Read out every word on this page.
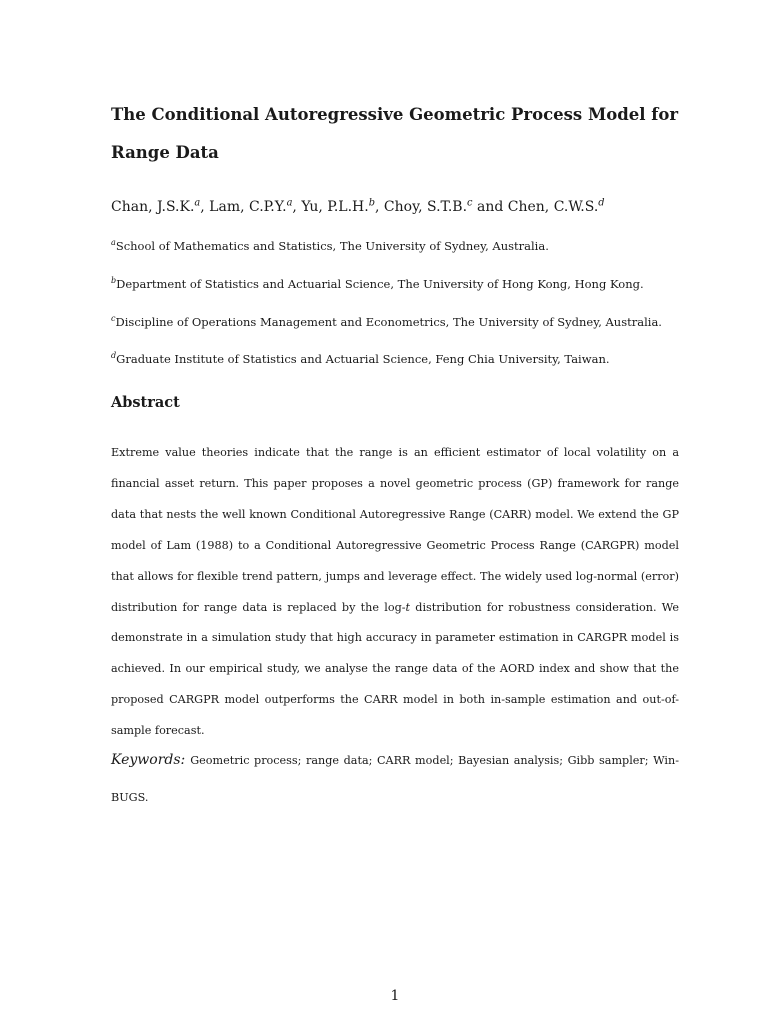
The Conditional Autoregressive Geometric Process Model for Range Data

Chan, J.S.K.$^a$, Lam, C.P.Y.$^a$, Yu, P.L.H.$^b$, Choy, S.T.B.$^c$ and Chen, C.W.S.$^d$

$^a$School of Mathematics and Statistics, The University of Sydney, Australia.

$^b$Department of Statistics and Actuarial Science, The University of Hong Kong, Hong Kong.

$^c$Discipline of Operations Management and Econometrics, The University of Sydney, Australia.

$^d$Graduate Institute of Statistics and Actuarial Science, Feng Chia University, Taiwan.

Abstract

Extreme value theories indicate that the range is an efficient estimator of local volatility on a financial asset return. This paper proposes a novel geometric process (GP) framework for range data that nests the well known Conditional Autoregressive Range (CARR) model. We extend the GP model of Lam (1988) to a Conditional Autoregressive Geometric Process Range (CARGPR) model that allows for flexible trend pattern, jumps and leverage effect. The widely used log-normal (error) distribution for range data is replaced by the log-t distribution for robustness consideration. We demonstrate in a simulation study that high accuracy in parameter estimation in CARGPR model is achieved. In our empirical study, we analyse the range data of the AORD index and show that the proposed CARGPR model outperforms the CARR model in both in-sample estimation and out-of-sample forecast.

Keywords: Geometric process; range data; CARR model; Bayesian analysis; Gibb sampler; Win-BUGS.

1
